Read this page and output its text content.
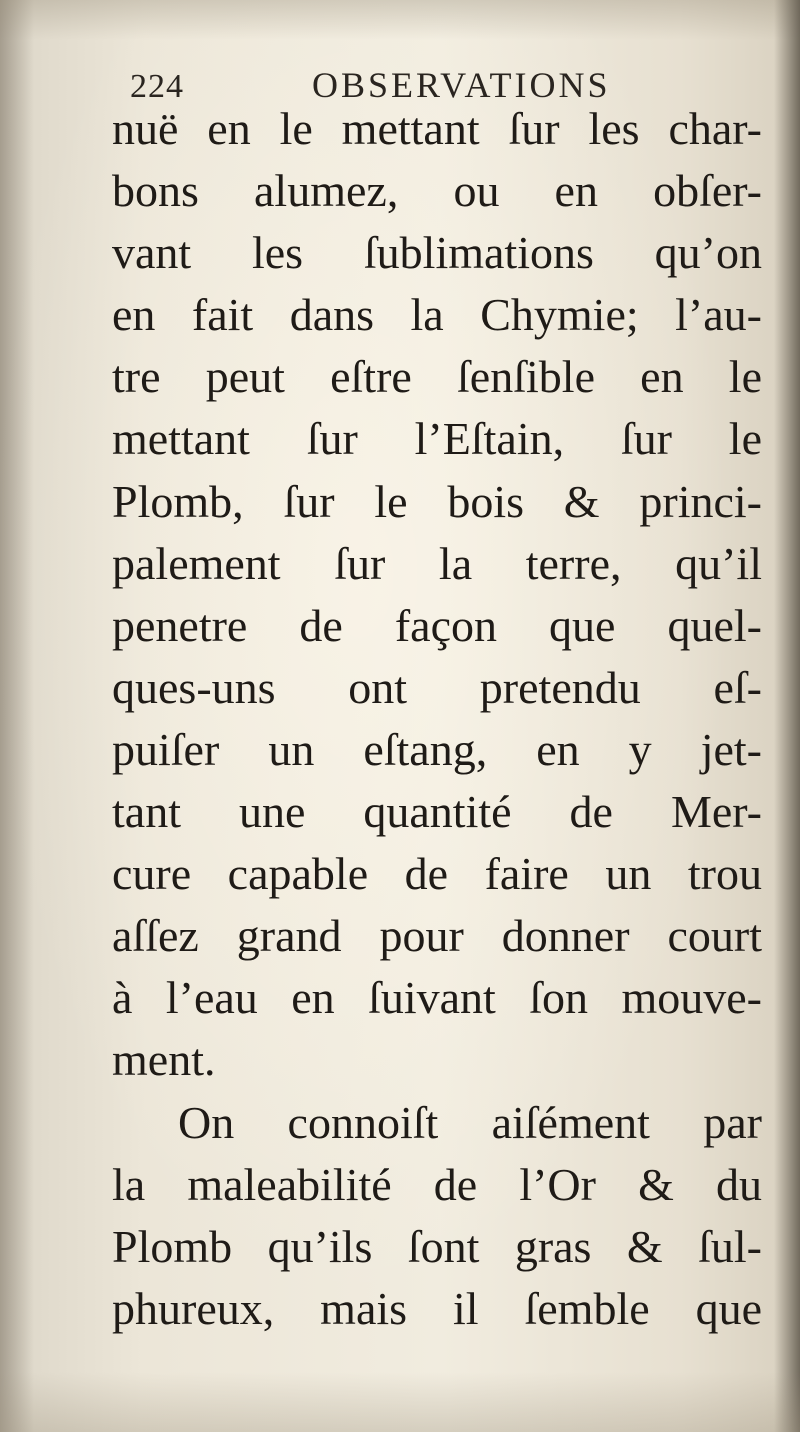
224	OBSERVATIONS
nuë en le mettant ſur les char-
bons alumez, ou en obſer-
vant les ſublimations qu’on
en fait dans la Chymie; l’au-
tre peut eſtre ſenſible en le
mettant ſur l’Eſtain, ſur le
Plomb, ſur le bois & princi-
palement ſur la terre, qu’il
penetre de façon que quel-
ques-uns ont pretendu eſ-
puiſer un eſtang, en y jet-
tant une quantité de Mer-
cure capable de faire un trou
aſſez grand pour donner court
à l’eau en ſuivant ſon mouve-
ment.
On connoiſt aiſément par
la maleabilité de l’Or & du
Plomb qu’ils ſont gras & ſul-
phureux, mais il ſemble que
